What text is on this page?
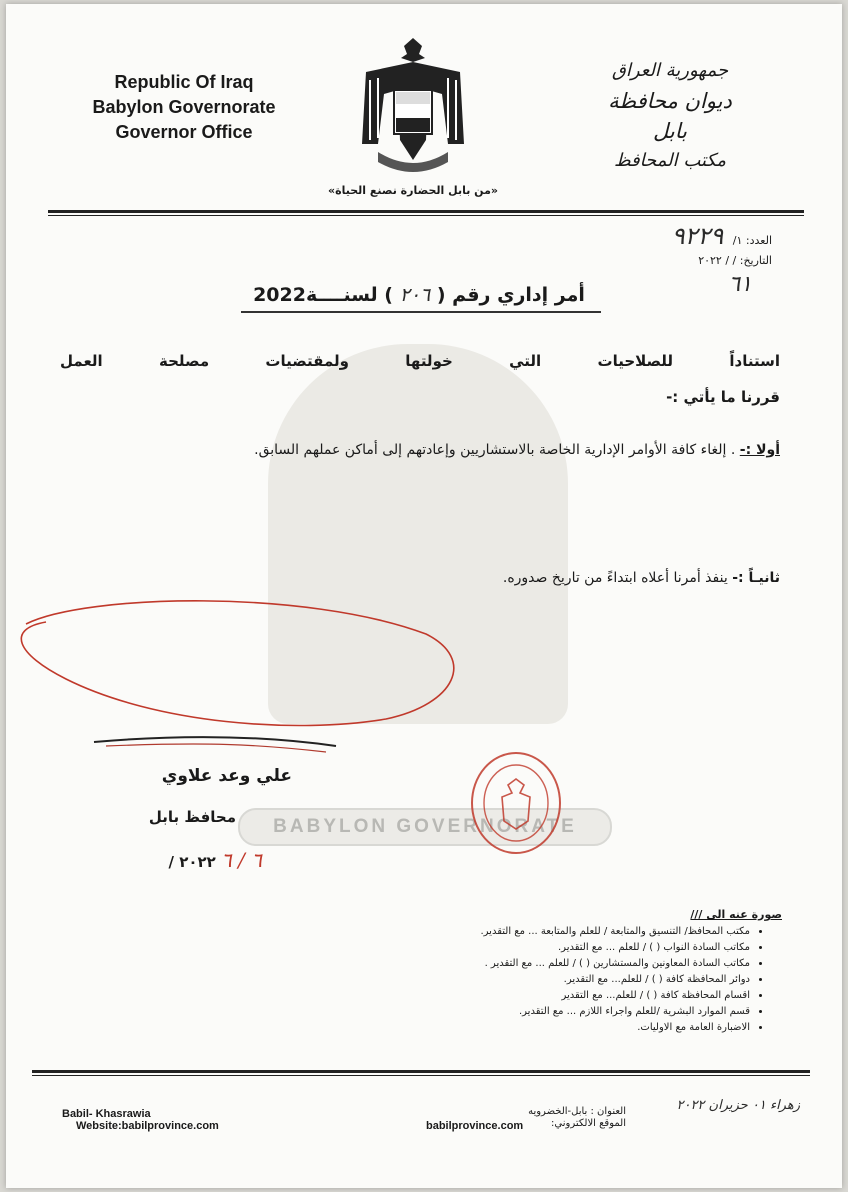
Republic Of Iraq
Babylon Governorate
Governor Office
جمهورية العراق
ديوان محافظة بابل
مكتب المحافظ
«من بابل الحضارة نصنع الحياة»
العدد: ١/ ٩٢٢٩
التاريخ: / / ٢٠٢٢
٦١
أمر إداري رقم ( ٢٠٦ ) لسنــــة2022
استناداً للصلاحيات التي خولتها ولمقتضيات مصلحة العمل
قررنا ما يأتي :-
أولا :- . إلغاء كافة الأوامر الإدارية الخاصة بالاستشاريين وإعادتهم إلى أماكن عملهم السابق.
ثانيـاً :- ينفذ أمرنا أعلاه ابتداءً من تاريخ صدوره.
علي وعد علاوي
محافظ بابل
٦ / ٦ ٢٠٢٢ /
BABYLON GOVERNORATE
صورة عنه الى ///
• مكتب المحافظ/ التنسيق والمتابعة / للعلم والمتابعة ... مع التقدير.
• مكاتب السادة النواب ( ) / للعلم ... مع التقدير.
• مكاتب السادة المعاونين والمستشارين ( ) / للعلم ... مع التقدير .
• دوائر المحافظة كافة ( ) / للعلم... مع التقدير.
• اقسام المحافظة كافة ( ) / للعلم... مع التقدير
• قسم الموارد البشرية /للعلم واجراء اللازم ... مع التقدير.
• الاضبارة العامة مع الاوليات.
Babil- Khasrawia
Website:babilprovince.com
العنوان : بابل-الخضرويه
الموقع الالكتروني:
babilprovince.com
زهراء ٠١ حزيران ٢٠٢٢
